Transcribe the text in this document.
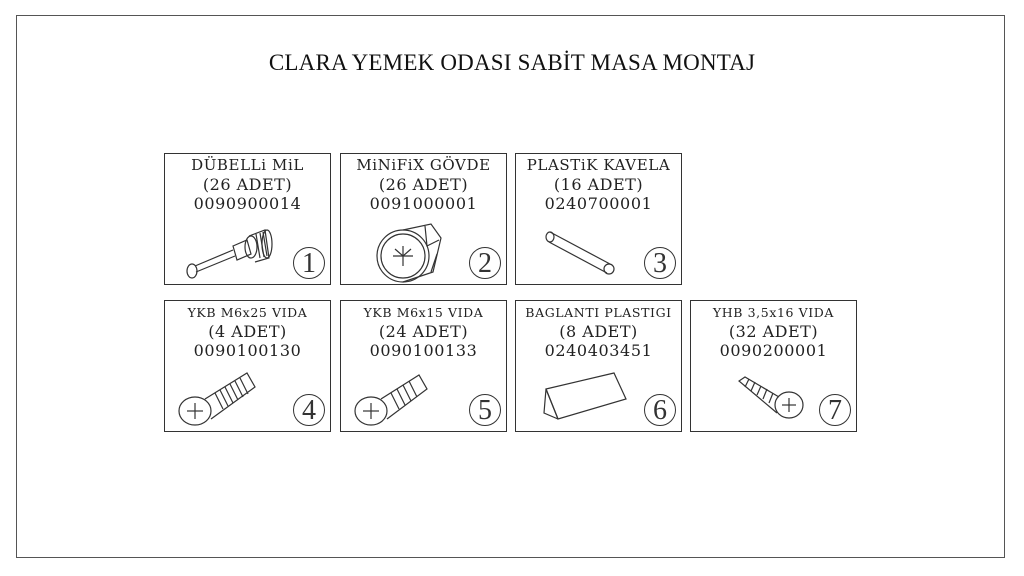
CLARA YEMEK ODASI SABİT MASA MONTAJ
DÜBELLi MiL
(26 ADET)
0090900014
1
MiNiFiX GÖVDE
(26 ADET)
0091000001
2
PLASTiK KAVELA
(16 ADET)
0240700001
3
YKB M6x25 VIDA
(4 ADET)
0090100130
4
YKB M6x15 VIDA
(24 ADET)
0090100133
5
BAGLANTI PLASTIGI
(8 ADET)
0240403451
6
YHB 3,5x16 VIDA
(32 ADET)
0090200001
7
